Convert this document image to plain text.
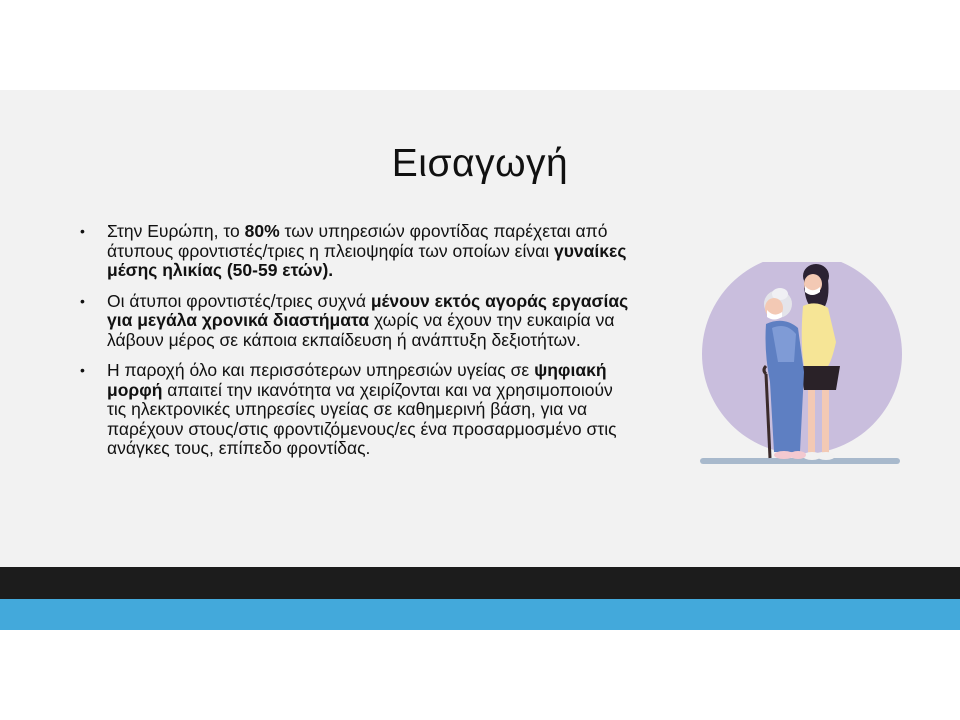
Εισαγωγή
• Στην Ευρώπη, το 80% των υπηρεσιών φροντίδας παρέχεται από άτυπους φροντιστές/τριες η πλειοψηφία των οποίων είναι γυναίκες μέσης ηλικίας (50-59 ετών).
• Οι άτυποι φροντιστές/τριες συχνά μένουν εκτός αγοράς εργασίας για μεγάλα χρονικά διαστήματα χωρίς να έχουν την ευκαιρία να λάβουν μέρος σε κάποια εκπαίδευση ή ανάπτυξη δεξιοτήτων.
• Η παροχή όλο και περισσότερων υπηρεσιών υγείας σε ψηφιακή μορφή απαιτεί την ικανότητα να χειρίζονται και να χρησιμοποιούν τις ηλεκτρονικές υπηρεσίες υγείας σε καθημερινή βάση, για να παρέχουν στους/στις φροντιζόμενους/ες ένα προσαρμοσμένο στις ανάγκες τους, επίπεδο φροντίδας.
